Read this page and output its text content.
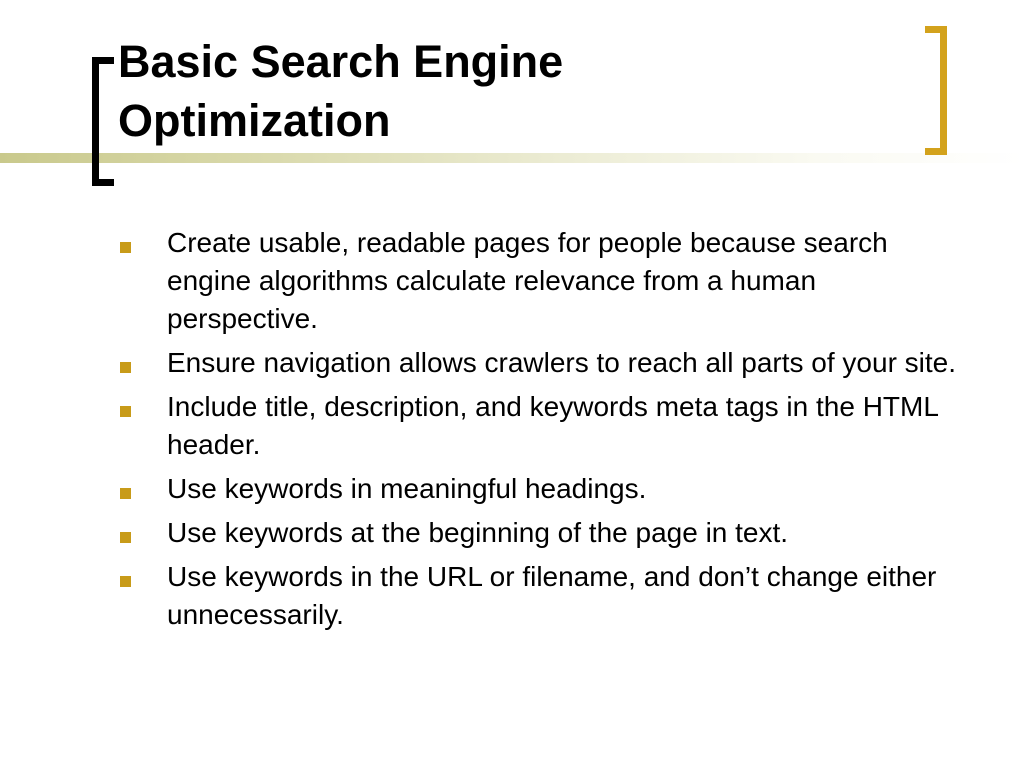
Basic Search Engine
Optimization
Create usable, readable pages for people because search engine algorithms calculate relevance from a human perspective.
Ensure navigation allows crawlers to reach all parts of your site.
Include title, description, and keywords meta tags in the HTML header.
Use keywords in meaningful headings.
Use keywords at the beginning of the page in text.
Use keywords in the URL or filename, and don’t change either unnecessarily.
